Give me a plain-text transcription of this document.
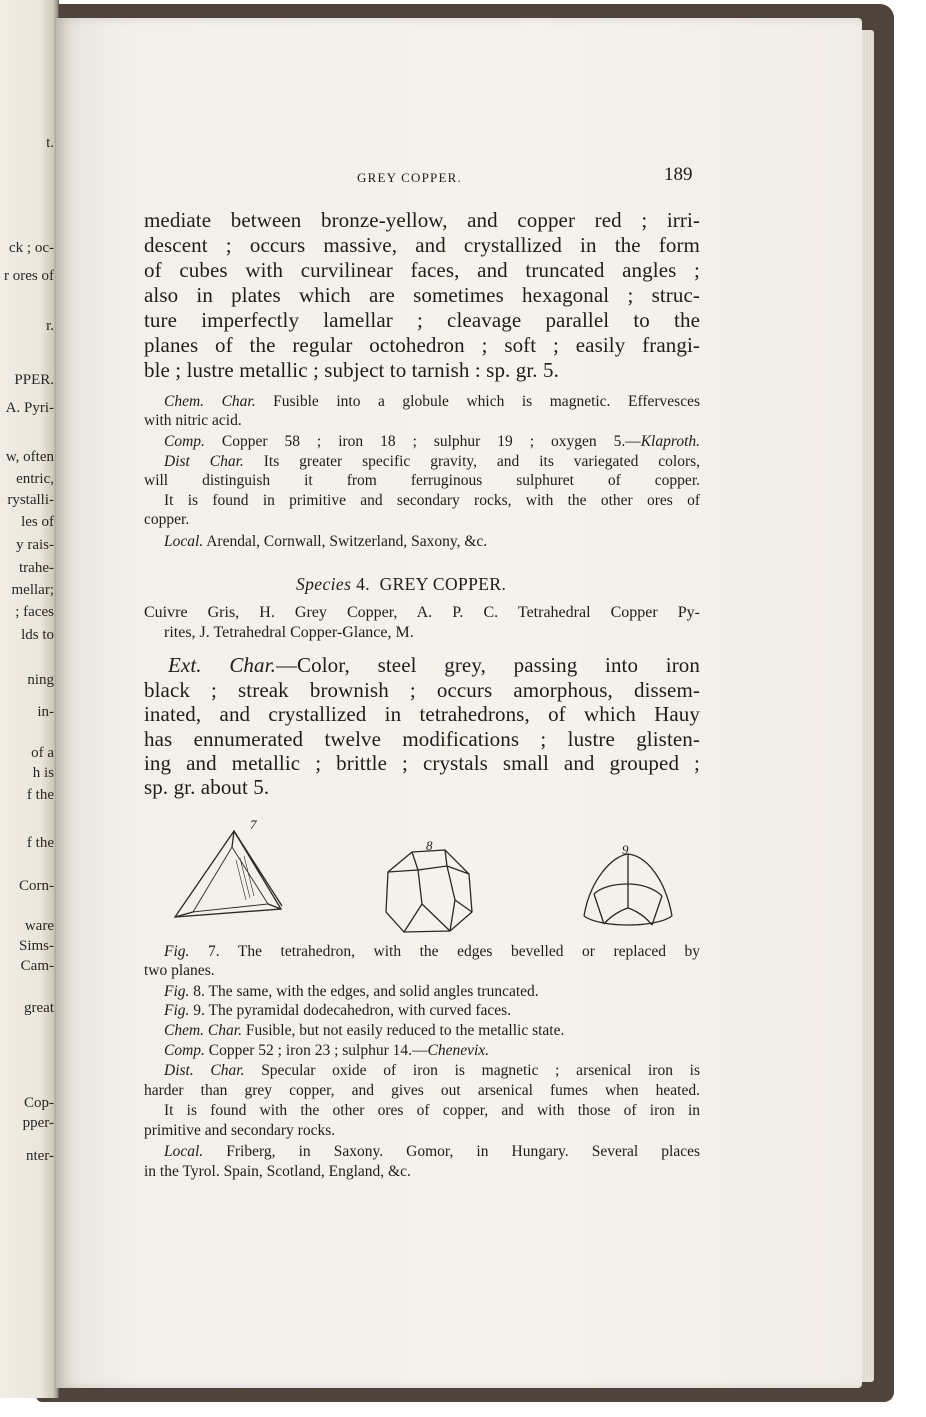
t.
ck ; oc-
r ores of
r.
PPER.
A. Pyri-
w, often
entric,
rystalli-
les of
y rais-
trahe-
mellar;
; faces
lds to
ning
in-
of a
h is
f the
f the
Corn-
ware
Sims-
Cam-
great
Cop-
pper-
nter-
GREY COPPER.	189
mediate between bronze-yellow, and copper red ; irri-
descent ; occurs massive, and crystallized in the form
of cubes with curvilinear faces, and truncated angles ;
also in plates which are sometimes hexagonal ; struc-
ture imperfectly lamellar ; cleavage parallel to the
planes of the regular octohedron ; soft ; easily frangi-
ble ; lustre metallic ; subject to tarnish : sp. gr. 5.
Chem. Char. Fusible into a globule which is magnetic. Effervesces
with nitric acid.
Comp. Copper 58 ; iron 18 ; sulphur 19 ; oxygen 5.—Klaproth.
Dist Char. Its greater specific gravity, and its variegated colors,
will distinguish it from ferruginous sulphuret of copper.
It is found in primitive and secondary rocks, with the other ores of
copper.
Local. Arendal, Cornwall, Switzerland, Saxony, &c.
Species 4. GREY COPPER.
Cuivre Gris, H. Grey Copper, A. P. C. Tetrahedral Copper Py-
rites, J. Tetrahedral Copper-Glance, M.
Ext. Char.—Color, steel grey, passing into iron
black ; streak brownish ; occurs amorphous, dissem-
inated, and crystallized in tetrahedrons, of which Hauy
has ennumerated twelve modifications ; lustre glisten-
ing and metallic ; brittle ; crystals small and grouped ;
sp. gr. about 5.
7
8	9
Fig. 7. The tetrahedron, with the edges bevelled or replaced by
two planes.
Fig. 8. The same, with the edges, and solid angles truncated.
Fig. 9. The pyramidal dodecahedron, with curved faces.
Chem. Char. Fusible, but not easily reduced to the metallic state.
Comp. Copper 52 ; iron 23 ; sulphur 14.—Chenevix.
Dist. Char. Specular oxide of iron is magnetic ; arsenical iron is
harder than grey copper, and gives out arsenical fumes when heated.
It is found with the other ores of copper, and with those of iron in
primitive and secondary rocks.
Local. Friberg, in Saxony. Gomor, in Hungary. Several places
in the Tyrol. Spain, Scotland, England, &c.
